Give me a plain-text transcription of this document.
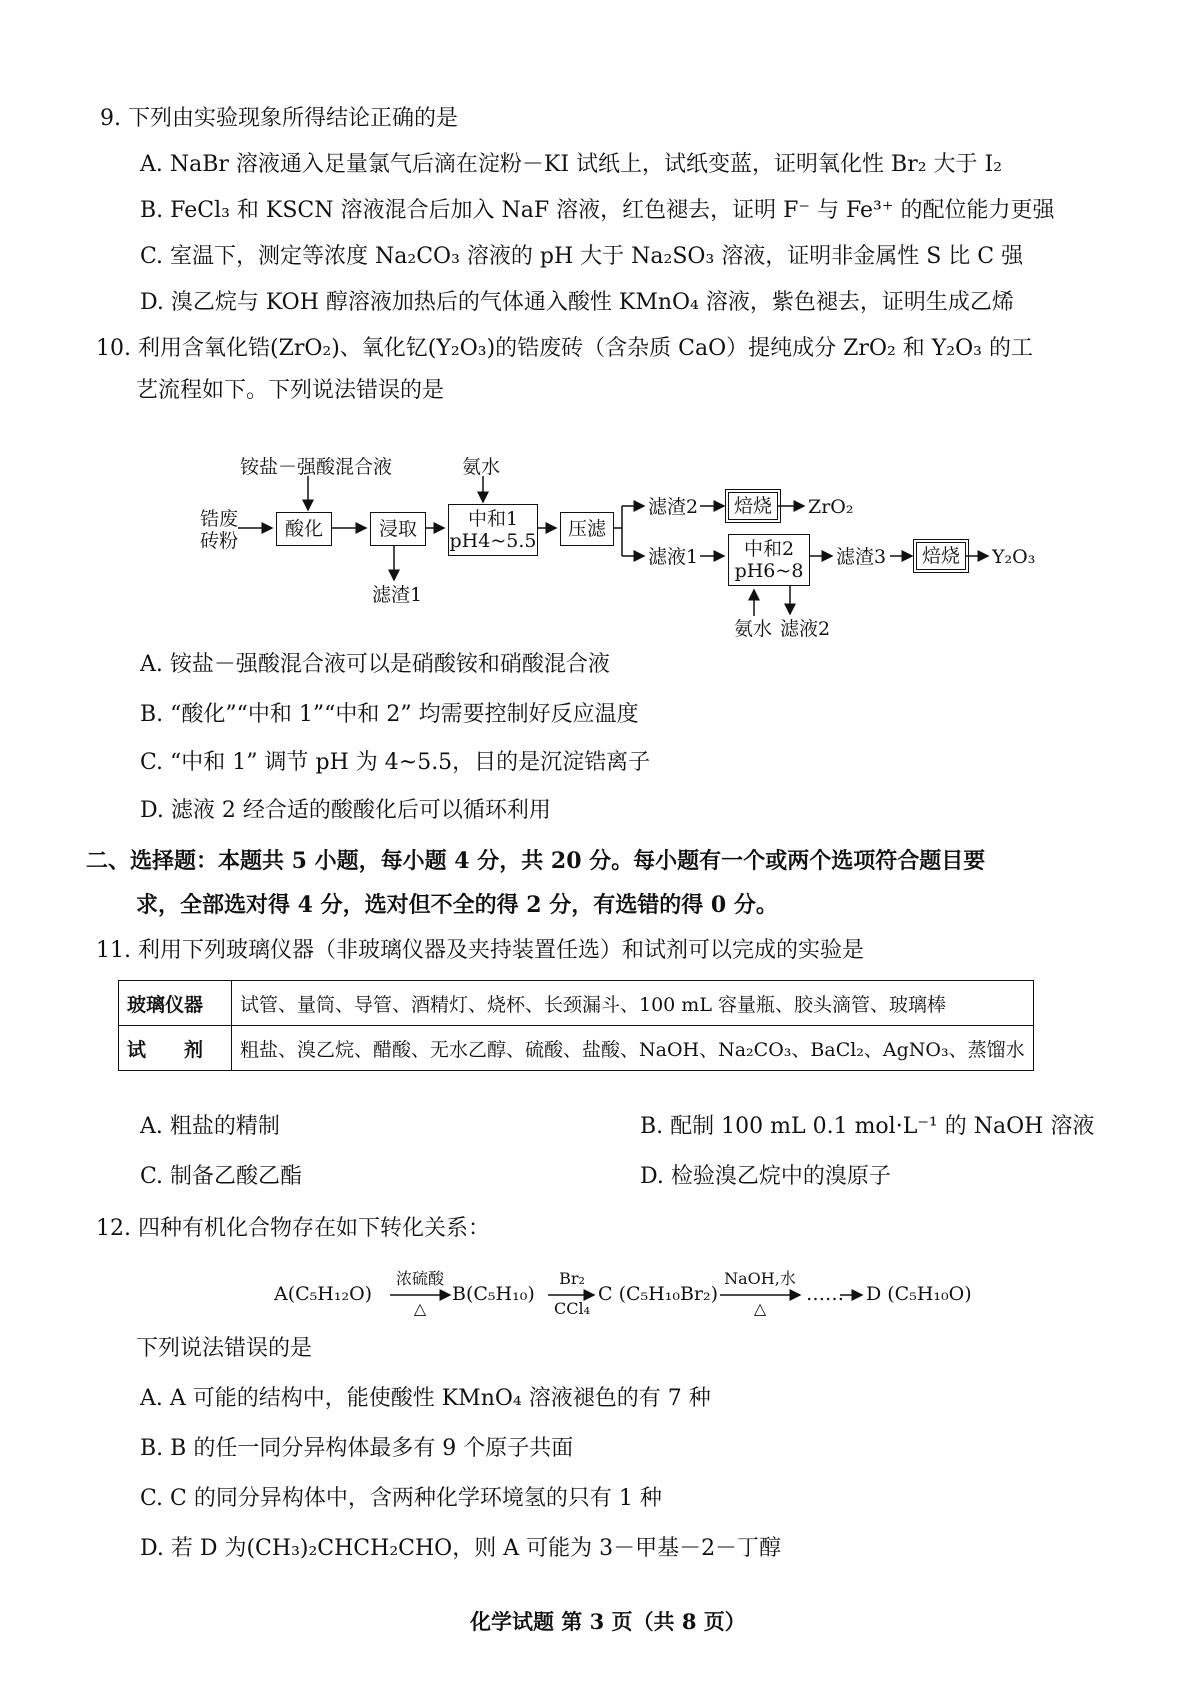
9. 下列由实验现象所得结论正确的是
A. NaBr 溶液通入足量氯气后滴在淀粉－KI 试纸上，试纸变蓝，证明氧化性 Br₂ 大于 I₂
B. FeCl₃ 和 KSCN 溶液混合后加入 NaF 溶液，红色褪去，证明 F⁻ 与 Fe³⁺ 的配位能力更强
C. 室温下，测定等浓度 Na₂CO₃ 溶液的 pH 大于 Na₂SO₃ 溶液，证明非金属性 S 比 C 强
D. 溴乙烷与 KOH 醇溶液加热后的气体通入酸性 KMnO₄ 溶液，紫色褪去，证明生成乙烯
10. 利用含氧化锆(ZrO₂)、氧化钇(Y₂O₃)的锆废砖（含杂质 CaO）提纯成分 ZrO₂ 和 Y₂O₃ 的工
艺流程如下。下列说法错误的是
铵盐－强酸混合液	氨水
锆废
砖粉
酸化	浸取
滤渣1
中和1
pH4~5.5
压滤
滤渣2 焙烧 ZrO₂
滤液1 中和2
pH6~8
滤渣3 焙烧 Y₂O₃
氨水 滤液2
A. 铵盐－强酸混合液可以是硝酸铵和硝酸混合液
B. “酸化”“中和 1”“中和 2” 均需要控制好反应温度
C. “中和 1” 调节 pH 为 4~5.5，目的是沉淀锆离子
D. 滤液 2 经合适的酸酸化后可以循环利用
二、选择题：本题共 5 小题，每小题 4 分，共 20 分。每小题有一个或两个选项符合题目要
求，全部选对得 4 分，选对但不全的得 2 分，有选错的得 0 分。
11. 利用下列玻璃仪器（非玻璃仪器及夹持装置任选）和试剂可以完成的实验是
玻璃仪器	试管、量筒、导管、酒精灯、烧杯、长颈漏斗、100 mL 容量瓶、胶头滴管、玻璃棒
试　　剂	粗盐、溴乙烷、醋酸、无水乙醇、硫酸、盐酸、NaOH、Na₂CO₃、BaCl₂、AgNO₃、蒸馏水
A. 粗盐的精制	B. 配制 100 mL 0.1 mol·L⁻¹ 的 NaOH 溶液
C. 制备乙酸乙酯	D. 检验溴乙烷中的溴原子
12. 四种有机化合物存在如下转化关系：
A(C₅H₁₂O)
浓硫酸
△
B(C₅H₁₀)
Br₂
CCl₄
C (C₅H₁₀Br₂)
NaOH,水
△
…… D (C₅H₁₀O)
下列说法错误的是
A. A 可能的结构中，能使酸性 KMnO₄ 溶液褪色的有 7 种
B. B 的任一同分异构体最多有 9 个原子共面
C. C 的同分异构体中，含两种化学环境氢的只有 1 种
D. 若 D 为(CH₃)₂CHCH₂CHO，则 A 可能为 3－甲基－2－丁醇
化学试题 第 3 页（共 8 页）
